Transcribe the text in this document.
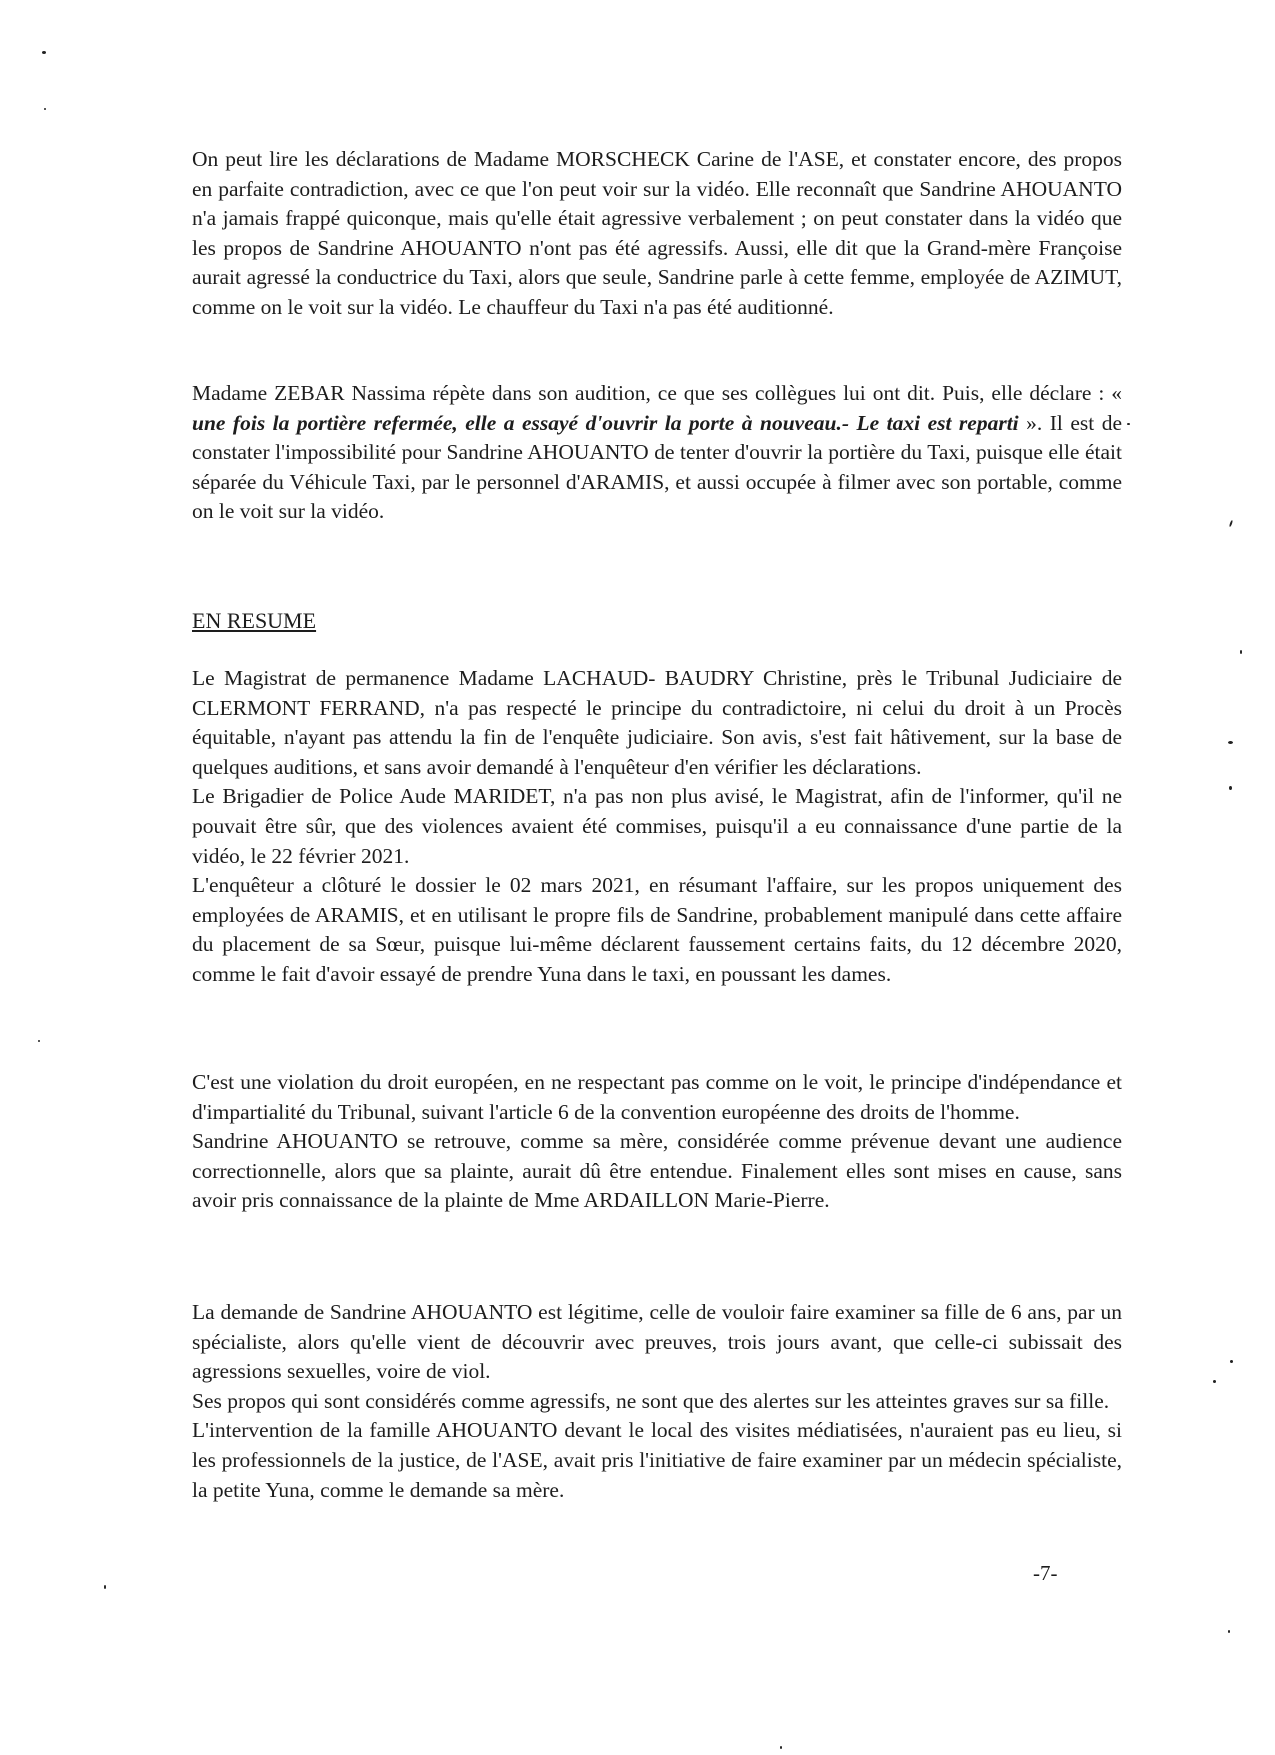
On peut lire les déclarations de Madame MORSCHECK Carine de l'ASE, et constater encore, des propos en parfaite contradiction, avec ce que l'on peut voir sur la vidéo. Elle reconnaît que Sandrine AHOUANTO n'a jamais frappé quiconque, mais qu'elle était agressive verbalement ; on peut constater dans la vidéo que les propos de Sandrine AHOUANTO n'ont pas été agressifs. Aussi, elle dit que la Grand-mère Françoise aurait agressé la conductrice du Taxi, alors que seule, Sandrine parle à cette femme, employée de AZIMUT, comme on le voit sur la vidéo. Le chauffeur du Taxi n'a pas été auditionné.

Madame ZEBAR Nassima répète dans son audition, ce que ses collègues lui ont dit. Puis, elle déclare : « une fois la portière refermée, elle a essayé d'ouvrir la porte à nouveau.- Le taxi est reparti ». Il est de constater l'impossibilité pour Sandrine AHOUANTO de tenter d'ouvrir la portière du Taxi, puisque elle était séparée du Véhicule Taxi, par le personnel d'ARAMIS, et aussi occupée à filmer avec son portable, comme on le voit sur la vidéo.

EN RESUME

Le Magistrat de permanence Madame LACHAUD- BAUDRY Christine, près le Tribunal Judiciaire de CLERMONT FERRAND, n'a pas respecté le principe du contradictoire, ni celui du droit à un Procès équitable, n'ayant pas attendu la fin de l'enquête judiciaire. Son avis, s'est fait hâtivement, sur la base de quelques auditions, et sans avoir demandé à l'enquêteur d'en vérifier les déclarations.
Le Brigadier de Police Aude MARIDET, n'a pas non plus avisé, le Magistrat, afin de l'informer, qu'il ne pouvait être sûr, que des violences avaient été commises, puisqu'il a eu connaissance d'une partie de la vidéo, le 22 février 2021.
L'enquêteur a clôturé le dossier le 02 mars 2021, en résumant l'affaire, sur les propos uniquement des employées de ARAMIS, et en utilisant le propre fils de Sandrine, probablement manipulé dans cette affaire du placement de sa Sœur, puisque lui-même déclarent faussement certains faits, du 12 décembre 2020, comme le fait d'avoir essayé de prendre Yuna dans le taxi, en poussant les dames.
C'est une violation du droit européen, en ne respectant pas comme on le voit, le principe d'indépendance et d'impartialité du Tribunal, suivant l'article 6 de la convention européenne des droits de l'homme.
Sandrine AHOUANTO se retrouve, comme sa mère, considérée comme prévenue devant une audience correctionnelle, alors que sa plainte, aurait dû être entendue. Finalement elles sont mises en cause, sans avoir pris connaissance de la plainte de Mme ARDAILLON Marie-Pierre.
La demande de Sandrine AHOUANTO est légitime, celle de vouloir faire examiner sa fille de 6 ans, par un spécialiste, alors qu'elle vient de découvrir avec preuves, trois jours avant, que celle-ci subissait des agressions sexuelles, voire de viol.
Ses propos qui sont considérés comme agressifs, ne sont que des alertes sur les atteintes graves sur sa fille.
L'intervention de la famille AHOUANTO devant le local des visites médiatisées, n'auraient pas eu lieu, si les professionnels de la justice, de l'ASE, avait pris l'initiative de faire examiner par un médecin spécialiste, la petite Yuna, comme le demande sa mère.
-7-
